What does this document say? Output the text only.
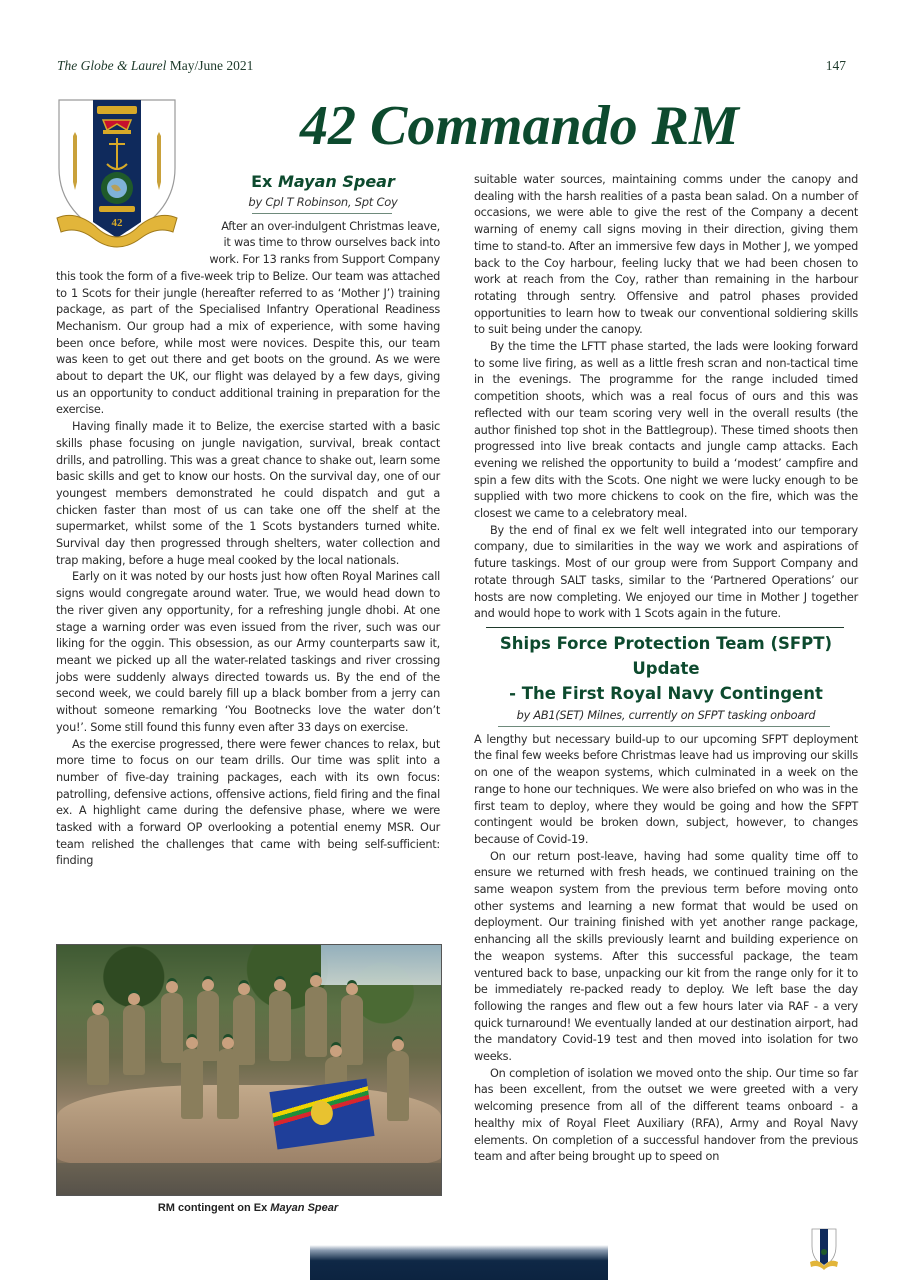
The Globe & Laurel May/June 2021	147
42
42 Commando RM
Ex Mayan Spear
by Cpl T Robinson, Spt Coy

After an over-indulgent Christmas leave,

it was time to throw ourselves back into

work. For 13 ranks from Support Company

this took the form of a five-week trip to Belize. Our team was attached to 1 Scots for their jungle (hereafter referred to as ‘Mother J’) training package, as part of the Specialised Infantry Operational Readiness Mechanism. Our group had a mix of experience, with some having been once before, while most were novices. Despite this, our team was keen to get out there and get boots on the ground. As we were about to depart the UK, our flight was delayed by a few days, giving us an opportunity to conduct additional training in preparation for the exercise.

Having finally made it to Belize, the exercise started with a basic skills phase focusing on jungle navigation, survival, break contact drills, and patrolling. This was a great chance to shake out, learn some basic skills and get to know our hosts. On the survival day, one of our youngest members demonstrated he could dispatch and gut a chicken faster than most of us can take one off the shelf at the supermarket, whilst some of the 1 Scots bystanders turned white. Survival day then progressed through shelters, water collection and trap making, before a huge meal cooked by the local nationals.

Early on it was noted by our hosts just how often Royal Marines call signs would congregate around water. True, we would head down to the river given any opportunity, for a refreshing jungle dhobi. At one stage a warning order was even issued from the river, such was our liking for the oggin. This obsession, as our Army counterparts saw it, meant we picked up all the water-related taskings and river crossing jobs were suddenly always directed towards us. By the end of the second week, we could barely fill up a black bomber from a jerry can without someone remarking ‘You Bootnecks love the water don’t you!’. Some still found this funny even after 33 days on exercise.

As the exercise progressed, there were fewer chances to relax, but more time to focus on our team drills. Our time was split into a number of five-day training packages, each with its own focus: patrolling, defensive actions, offensive actions, field firing and the final ex. A highlight came during the defensive phase, where we were tasked with a forward OP overlooking a potential enemy MSR. Our team relished the challenges that came with being self-sufficient: finding

RM contingent on Ex Mayan Spear

suitable water sources, maintaining comms under the canopy and dealing with the harsh realities of a pasta bean salad. On a number of occasions, we were able to give the rest of the Company a decent warning of enemy call signs moving in their direction, giving them time to stand-to. After an immersive few days in Mother J, we yomped back to the Coy harbour, feeling lucky that we had been chosen to work at reach from the Coy, rather than remaining in the harbour rotating through sentry. Offensive and patrol phases provided opportunities to learn how to tweak our conventional soldiering skills to suit being under the canopy.

By the time the LFTT phase started, the lads were looking forward to some live firing, as well as a little fresh scran and non-tactical time in the evenings. The programme for the range included timed competition shoots, which was a real focus of ours and this was reflected with our team scoring very well in the overall results (the author finished top shot in the Battlegroup). These timed shoots then progressed into live break contacts and jungle camp attacks. Each evening we relished the opportunity to build a ‘modest’ campfire and spin a few dits with the Scots. One night we were lucky enough to be supplied with two more chickens to cook on the fire, which was the closest we came to a celebratory meal.

By the end of final ex we felt well integrated into our temporary company, due to similarities in the way we work and aspirations of future taskings. Most of our group were from Support Company and rotate through SALT tasks, similar to the ‘Partnered Operations’ our hosts are now completing. We enjoyed our time in Mother J together and would hope to work with 1 Scots again in the future.

Ships Force Protection Team (SFPT) Update
- The First Royal Navy Contingent
by AB1(SET) Milnes, currently on SFPT tasking onboard

A lengthy but necessary build-up to our upcoming SFPT deployment the final few weeks before Christmas leave had us improving our skills on one of the weapon systems, which culminated in a week on the range to hone our techniques. We were also briefed on who was in the first team to deploy, where they would be going and how the SFPT contingent would be broken down, subject, however, to changes because of Covid-19.

On our return post-leave, having had some quality time off to ensure we returned with fresh heads, we continued training on the same weapon system from the previous term before moving onto other systems and learning a new format that would be used on deployment. Our training finished with yet another range package, enhancing all the skills previously learnt and building experience on the weapon systems. After this successful package, the team ventured back to base, unpacking our kit from the range only for it to be immediately re-packed ready to deploy. We left base the day following the ranges and flew out a few hours later via RAF - a very quick turnaround! We eventually landed at our destination airport, had the mandatory Covid-19 test and then moved into isolation for two weeks.

On completion of isolation we moved onto the ship. Our time so far has been excellent, from the outset we were greeted with a very welcoming presence from all of the different teams onboard - a healthy mix of Royal Fleet Auxiliary (RFA), Army and Royal Navy elements. On completion of a successful handover from the previous team and after being brought up to speed on
